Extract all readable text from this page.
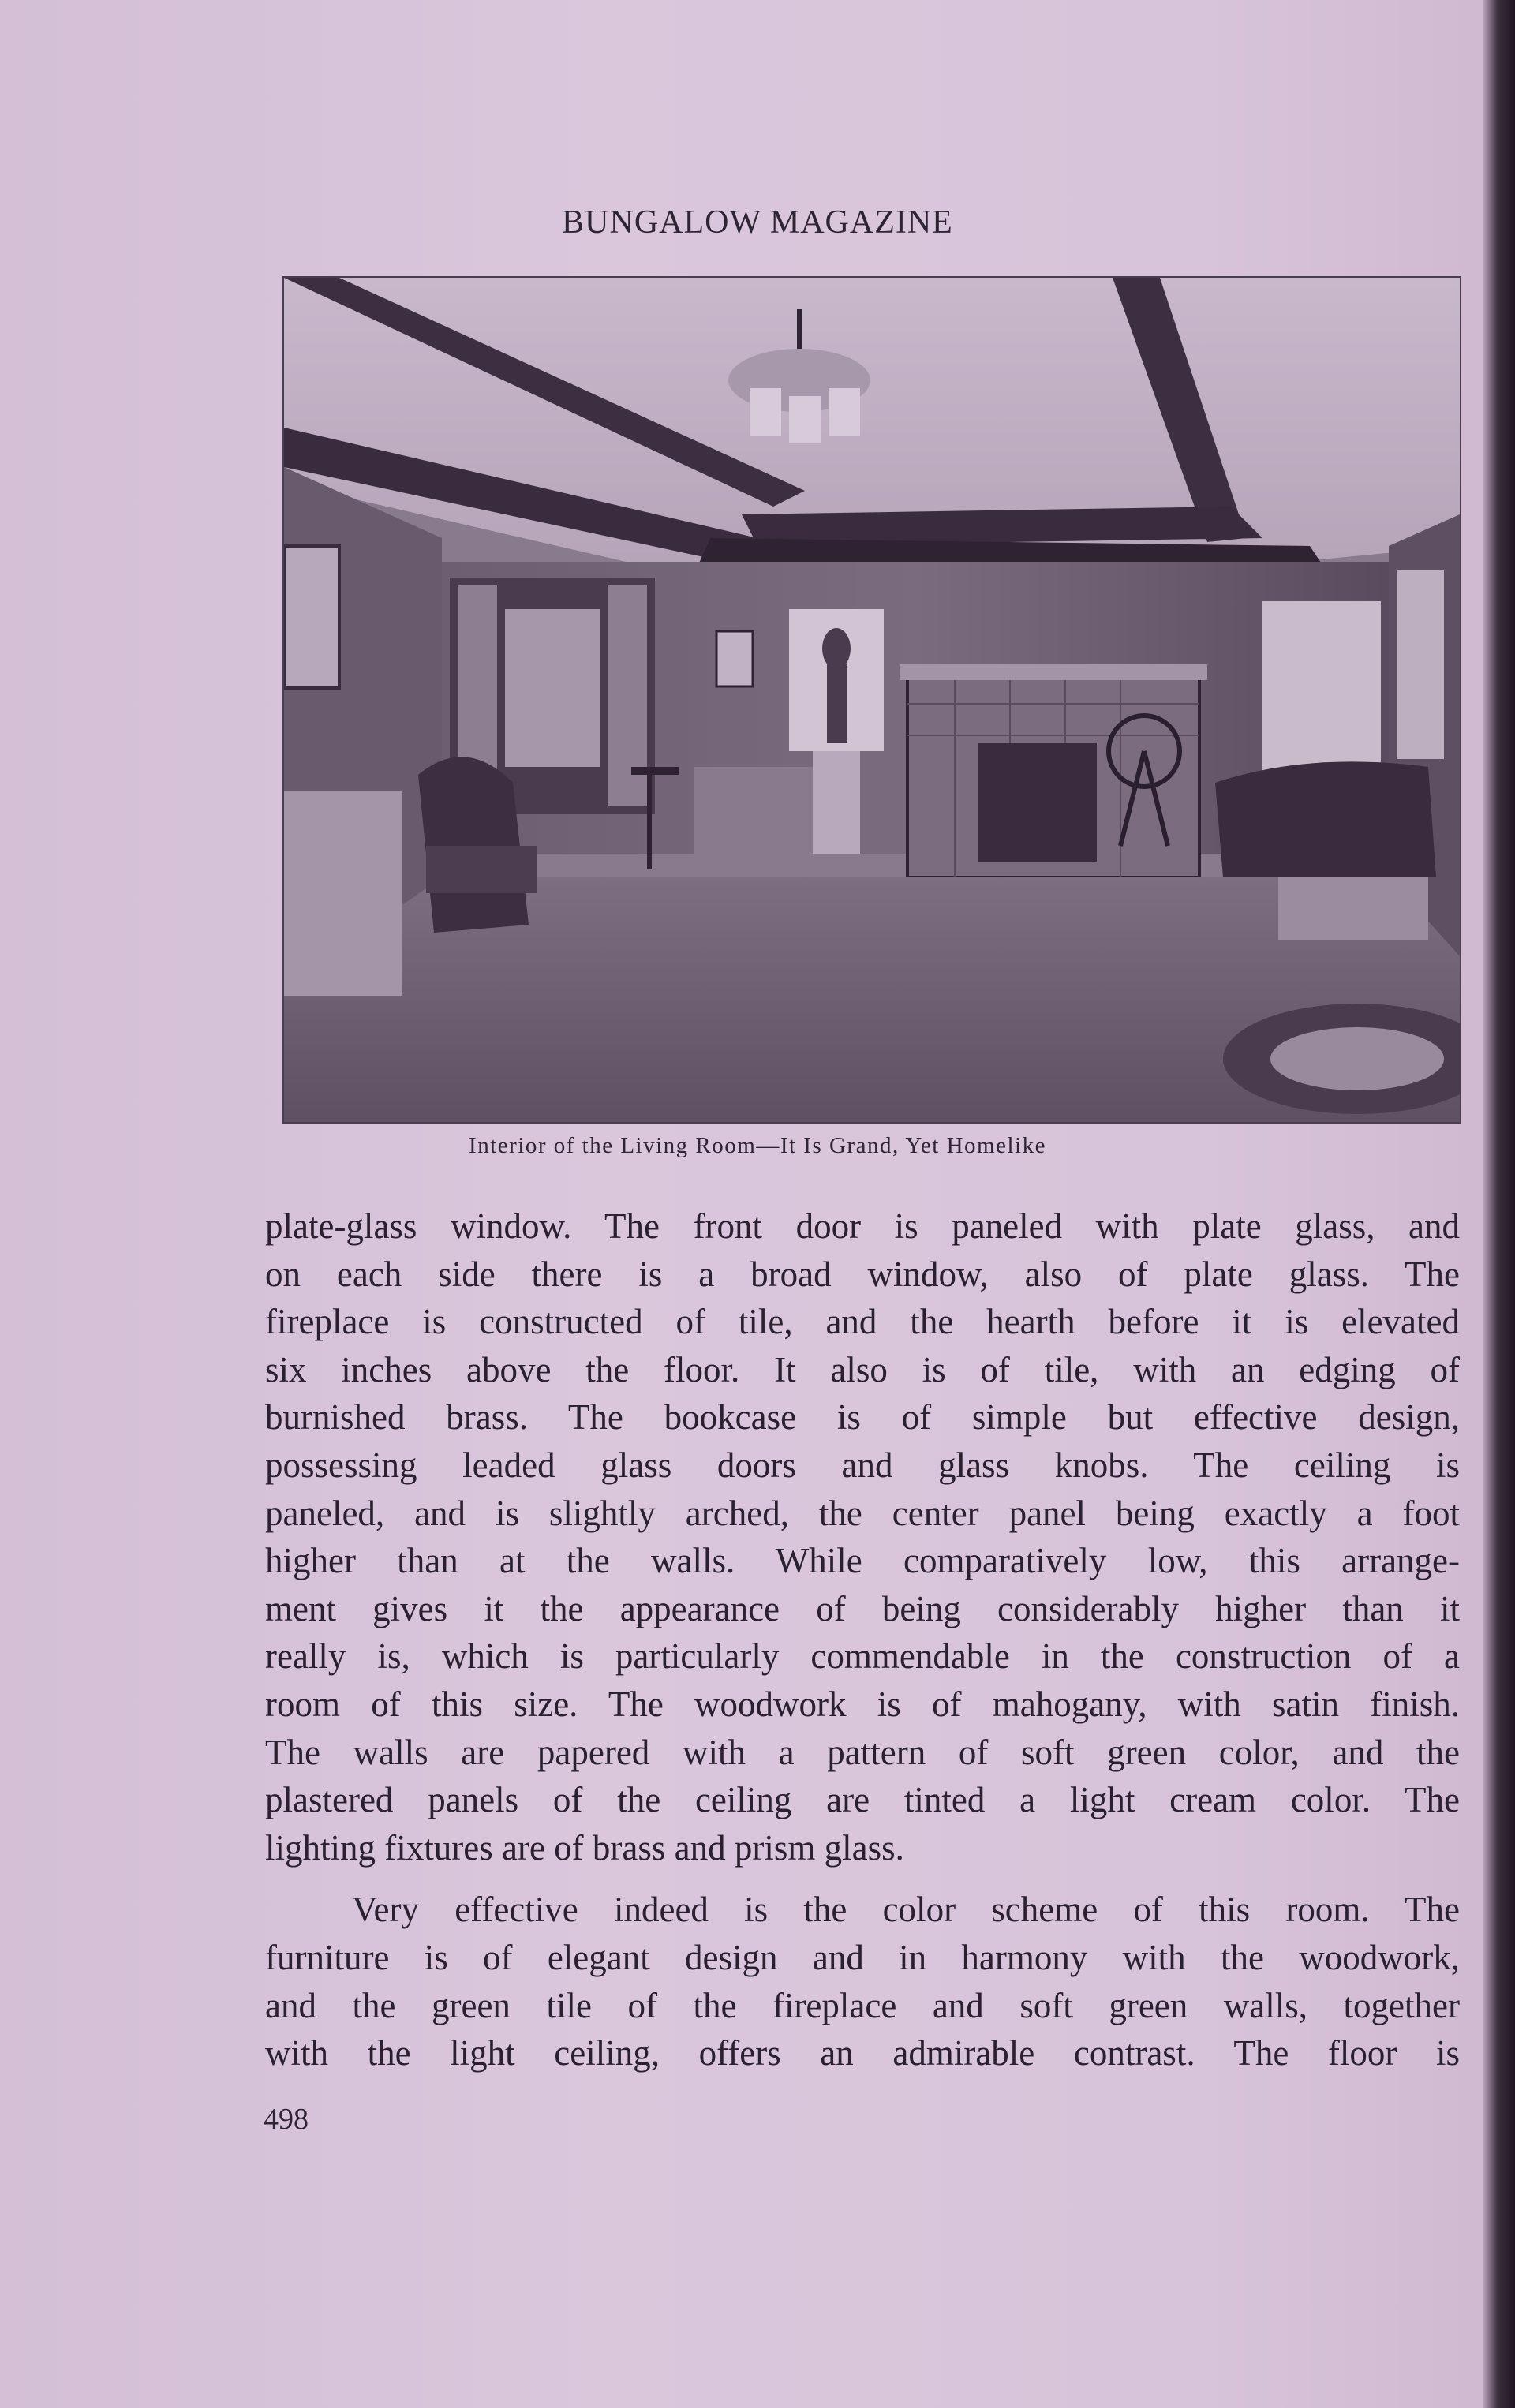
BUNGALOW MAGAZINE
Interior of the Living Room—It Is Grand, Yet Homelike

plate-glass window. The front door is paneled with plate glass, and
on each side there is a broad window, also of plate glass. The
fireplace is constructed of tile, and the hearth before it is elevated
six inches above the floor. It also is of tile, with an edging of
burnished brass. The bookcase is of simple but effective design,
possessing leaded glass doors and glass knobs. The ceiling is
paneled, and is slightly arched, the center panel being exactly a foot
higher than at the walls. While comparatively low, this arrange-
ment gives it the appearance of being considerably higher than it
really is, which is particularly commendable in the construction of a
room of this size. The woodwork is of mahogany, with satin finish.
The walls are papered with a pattern of soft green color, and the
plastered panels of the ceiling are tinted a light cream color. The
lighting fixtures are of brass and prism glass.

Very effective indeed is the color scheme of this room. The
furniture is of elegant design and in harmony with the woodwork,
and the green tile of the fireplace and soft green walls, together
with the light ceiling, offers an admirable contrast. The floor is

498
